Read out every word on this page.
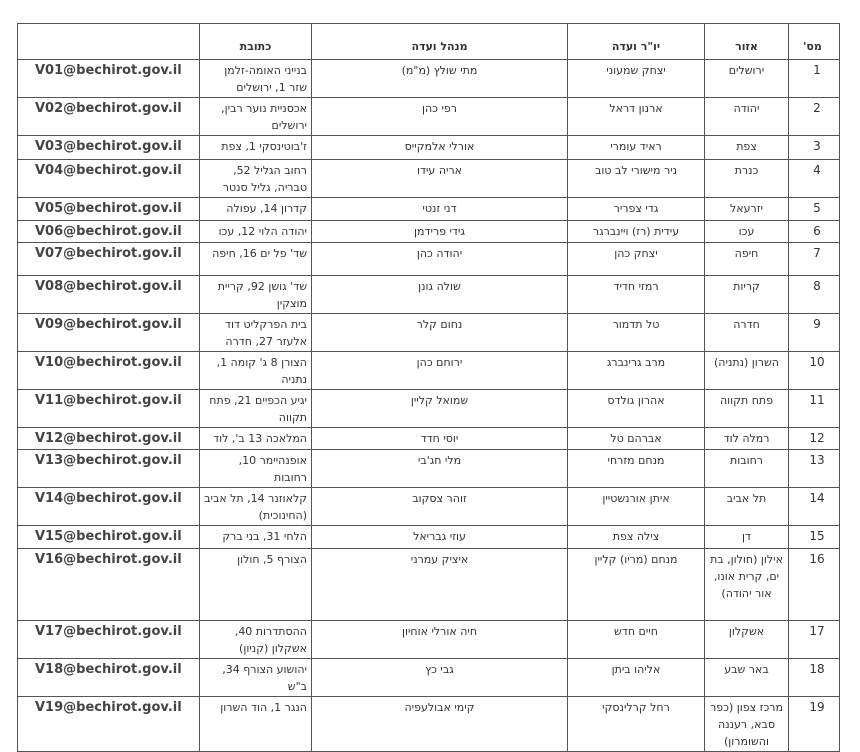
מס'	אזור	יו"ר ועדה	מנהל ועדה	כתובת	
1	ירושלים	יצחק שמעוני	מתי שולץ (מ"מ)	בנייני האומה-זלמן שזר 1, ירושלים	V01@bechirot.gov.il
2	יהודה	ארנון דראל	רפי כהן	אכסניית נוער רבין, ירושלים	V02@bechirot.gov.il
3	צפת	ראיד עומרי	אורלי אלמקייס	ז'בוטינסקי 1, צפת	V03@bechirot.gov.il
4	כנרת	ניר מישורי לב טוב	אריה עידו	רחוב הגליל 52, טבריה, גליל סנטר	V04@bechirot.gov.il
5	יזרעאל	גדי צפריר	דני זנטי	קדרון 14, עפולה	V05@bechirot.gov.il
6	עכו	עידית (רז) ויינברגר	גידי פרידמן	יהודה הלוי 12, עכו	V06@bechirot.gov.il
7	חיפה	יצחק כהן	יהודה כהן	שד' פל ים 16, חיפה	V07@bechirot.gov.il
8	קריות	רמזי חדיד	שולה גונן	שד' גושן 92, קריית מוצקין	V08@bechirot.gov.il
9	חדרה	טל תדמור	נחום קלר	בית הפרקליט דוד אלעזר 27, חדרה	V09@bechirot.gov.il
10	השרון (נתניה)	מרב גרינברג	ירוחם כהן	הצורן 8 ג' קומה 1, נתניה	V10@bechirot.gov.il
11	פתח תקווה	אהרון גולדס	שמואל קליין	יגיע הכפיים 21, פתח תקווה	V11@bechirot.gov.il
12	רמלה לוד	אברהם טל	יוסי חדד	המלאכה 13 ב', לוד	V12@bechirot.gov.il
13	רחובות	מנחם מזרחי	מלי חג'בי	אופנהיימר 10, רחובות	V13@bechirot.gov.il
14	תל אביב	איתן אורנשטיין	זוהר צסקוב	קלאוזנר 14, תל אביב (החינוכית)	V14@bechirot.gov.il
15	דן	צילה צפת	עוזי גבריאל	הלחי 31, בני ברק	V15@bechirot.gov.il
16	אילון (חולון, בת ים, קרית אונו, אור יהודה)	מנחם (מריו) קליין	איציק עמרני	הצורף 5, חולון	V16@bechirot.gov.il
17	אשקלון	חיים חדש	חיה אורלי אוחיון	ההסתדרות 40, אשקלון (קניון)	V17@bechirot.gov.il
18	באר שבע	אליהו ביתן	גבי כץ	יהושוע הצורף 34, ב"ש	V18@bechirot.gov.il
19	מרכז צפון (כפר סבא, רעננה והשומרון)	רחל קרלינסקי	קימי אבולעפיה	הנגר 1, הוד השרון	V19@bechirot.gov.il
